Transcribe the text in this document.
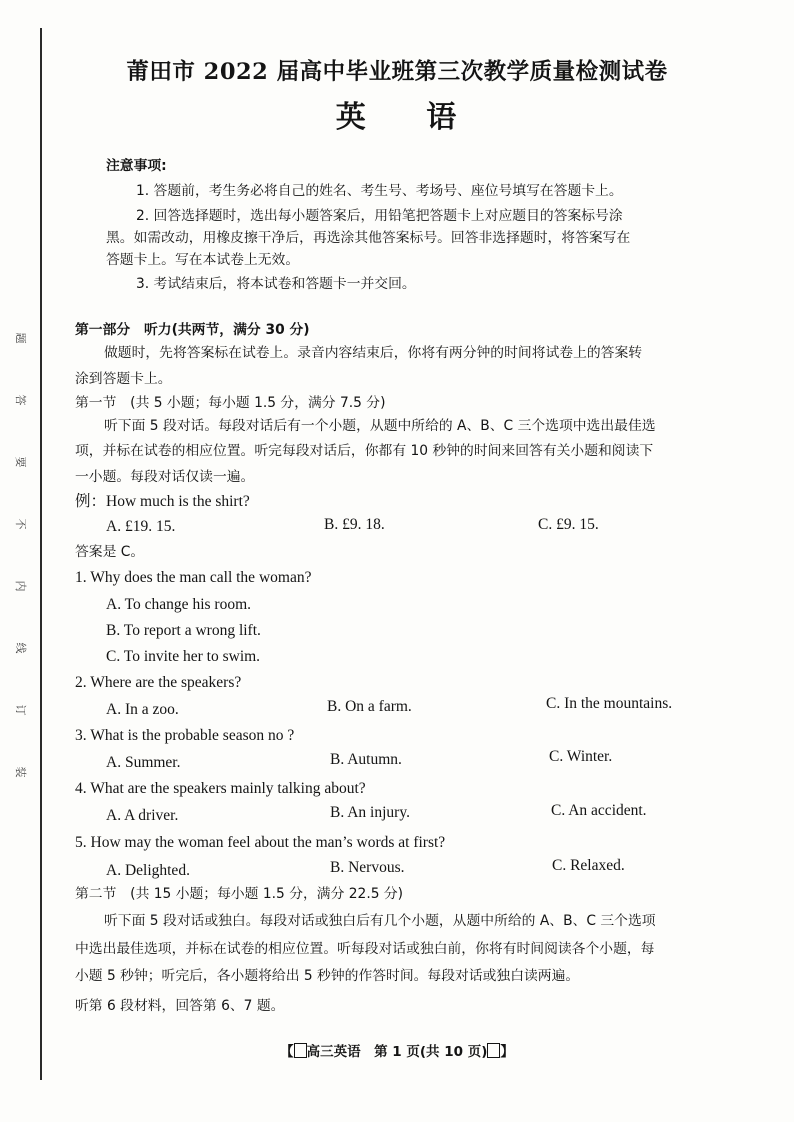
题
答
要
不
内
线
订
装
莆田市 2022 届高中毕业班第三次教学质量检测试卷
英 语
注意事项:
1. 答题前，考生务必将自己的姓名、考生号、考场号、座位号填写在答题卡上。
2. 回答选择题时，选出每小题答案后，用铅笔把答题卡上对应题目的答案标号涂
黑。如需改动，用橡皮擦干净后，再选涂其他答案标号。回答非选择题时，将答案写在
答题卡上。写在本试卷上无效。
3. 考试结束后，将本试卷和答题卡一并交回。
第一部分　听力(共两节，满分 30 分)
做题时，先将答案标在试卷上。录音内容结束后，你将有两分钟的时间将试卷上的答案转
涂到答题卡上。
第一节　(共 5 小题；每小题 1.5 分，满分 7.5 分)
听下面 5 段对话。每段对话后有一个小题，从题中所给的 A、B、C 三个选项中选出最佳选
项，并标在试卷的相应位置。听完每段对话后，你都有 10 秒钟的时间来回答有关小题和阅读下
一小题。每段对话仅读一遍。
例：How much is the shirt?
A. £19. 15.	B. £9. 18.	C. £9. 15.
答案是 C。
1. Why does the man call the woman?
A. To change his room.
B. To report a wrong lift.
C. To invite her to swim.
2. Where are the speakers?
A. In a zoo.	B. On a farm.	C. In the mountains.
3. What is the probable season no ?
A. Summer.	B. Autumn.	C. Winter.
4. What are the speakers mainly talking about?
A. A driver.	B. An injury.	C. An accident.
5. How may the woman feel about the man’s words at first?
A. Delighted.	B. Nervous.	C. Relaxed.
第二节　(共 15 小题；每小题 1.5 分，满分 22.5 分)
听下面 5 段对话或独白。每段对话或独白后有几个小题，从题中所给的 A、B、C 三个选项
中选出最佳选项，并标在试卷的相应位置。听每段对话或独白前，你将有时间阅读各个小题，每
小题 5 秒钟；听完后，各小题将给出 5 秒钟的作答时间。每段对话或独白读两遍。
听第 6 段材料，回答第 6、7 题。
【 高三英语　第 1 页(共 10 页) 】
